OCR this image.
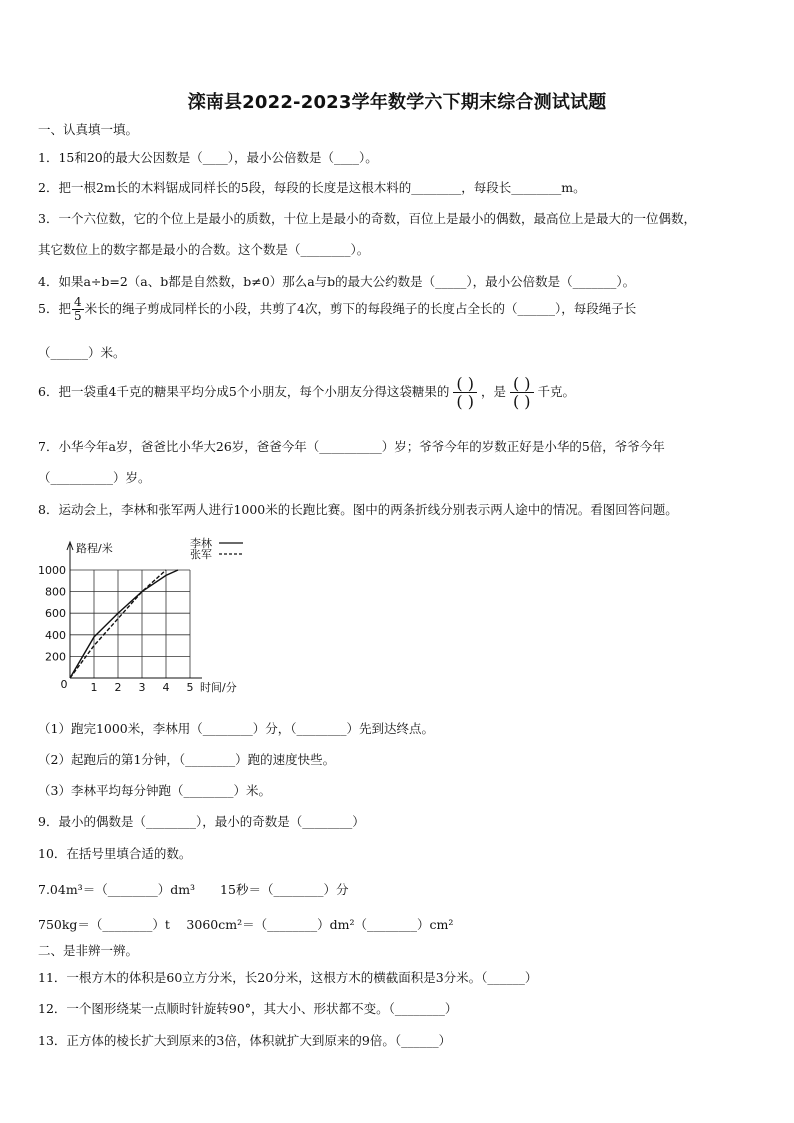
滦南县2022-2023学年数学六下期末综合测试试题
一、认真填一填。
1．15和20的最大公因数是（____），最小公倍数是（____）。
2．把一根2m长的木料锯成同样长的5段，每段的长度是这根木料的________，每段长________m。
3．一个六位数，它的个位上是最小的质数，十位上是最小的奇数，百位上是最小的偶数，最高位上是最大的一位偶数，
其它数位上的数字都是最小的合数。这个数是（________）。
4．如果a÷b=2（a、b都是自然数，b≠0）那么a与b的最大公约数是（_____），最小公倍数是（_______）。
5．把 $\frac{4}{5}$ 米长的绳子剪成同样长的小段，共剪了4次，剪下的每段绳子的长度占全长的（______），每段绳子长
（______）米。
6．把一袋重4千克的糖果平均分成5个小朋友，每个小朋友分得这袋糖果的 $\frac{( )}{( )}$ ，是 $\frac{( )}{( )}$ 千克。
7．小华今年a岁，爸爸比小华大26岁，爸爸今年（__________）岁；爷爷今年的岁数正好是小华的5倍，爷爷今年
（__________）岁。
8．运动会上，李林和张军两人进行1000米的长跑比赛。图中的两条折线分别表示两人途中的情况。看图回答问题。
1 2 3 4 5
200
400
600
800
1000
路程/米
时间/分
0
李林
张军
（1）跑完1000米，李林用（________）分，（________）先到达终点。
（2）起跑后的第1分钟，（________）跑的速度快些。
（3）李林平均每分钟跑（________）米。
9．最小的偶数是（________），最小的奇数是（________）
10．在括号里填合适的数。
7.04m³＝（________）dm³　　15秒＝（________）分
750kg＝（________）t　 3060cm²＝（________）dm²（________）cm²
二、是非辨一辨。
11．一根方木的体积是60立方分米，长20分米，这根方木的横截面积是3分米。（______）
12．一个图形绕某一点顺时针旋转90°，其大小、形状都不变。（________）
13．正方体的棱长扩大到原来的3倍，体积就扩大到原来的9倍。（______）
